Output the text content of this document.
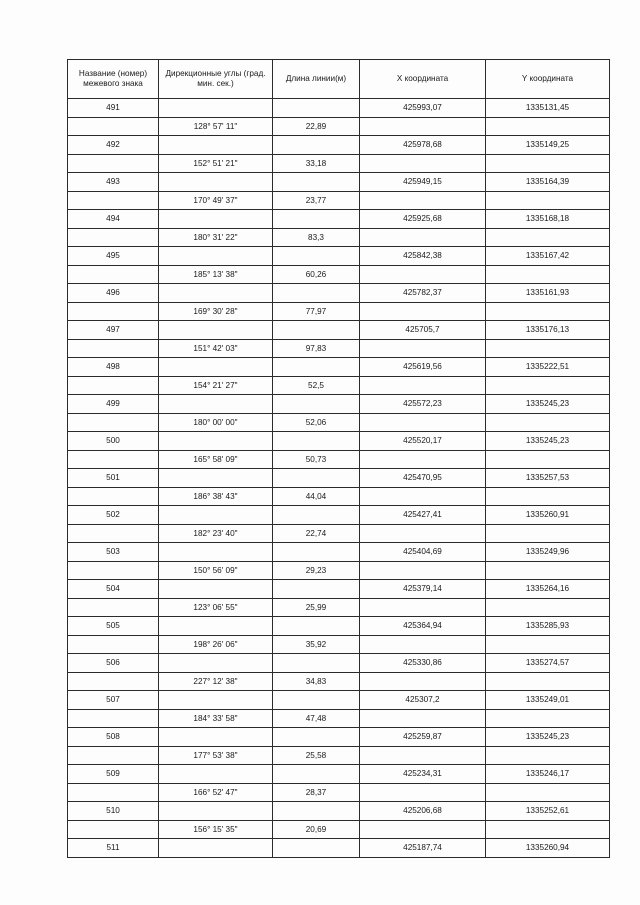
Название (номер) межевого знака	Дирекционные углы (град. мин. сек.)	Длина линии(м)	X координата	Y координата
491			425993,07	1335131,45
	128° 57' 11"	22,89		
492			425978,68	1335149,25
	152° 51' 21"	33,18		
493			425949,15	1335164,39
	170° 49' 37"	23,77		
494			425925,68	1335168,18
	180° 31' 22"	83,3		
495			425842,38	1335167,42
	185° 13' 38"	60,26		
496			425782,37	1335161,93
	169° 30' 28"	77,97		
497			425705,7	1335176,13
	151° 42' 03"	97,83		
498			425619,56	1335222,51
	154° 21' 27"	52,5		
499			425572,23	1335245,23
	180° 00' 00"	52,06		
500			425520,17	1335245,23
	165° 58' 09"	50,73		
501			425470,95	1335257,53
	186° 38' 43"	44,04		
502			425427,41	1335260,91
	182° 23' 40"	22,74		
503			425404,69	1335249,96
	150° 56' 09"	29,23		
504			425379,14	1335264,16
	123° 06' 55"	25,99		
505			425364,94	1335285,93
	198° 26' 06"	35,92		
506			425330,86	1335274,57
	227° 12' 38"	34,83		
507			425307,2	1335249,01
	184° 33' 58"	47,48		
508			425259,87	1335245,23
	177° 53' 38"	25,58		
509			425234,31	1335246,17
	166° 52' 47"	28,37		
510			425206,68	1335252,61
	156° 15' 35"	20,69		
511			425187,74	1335260,94
